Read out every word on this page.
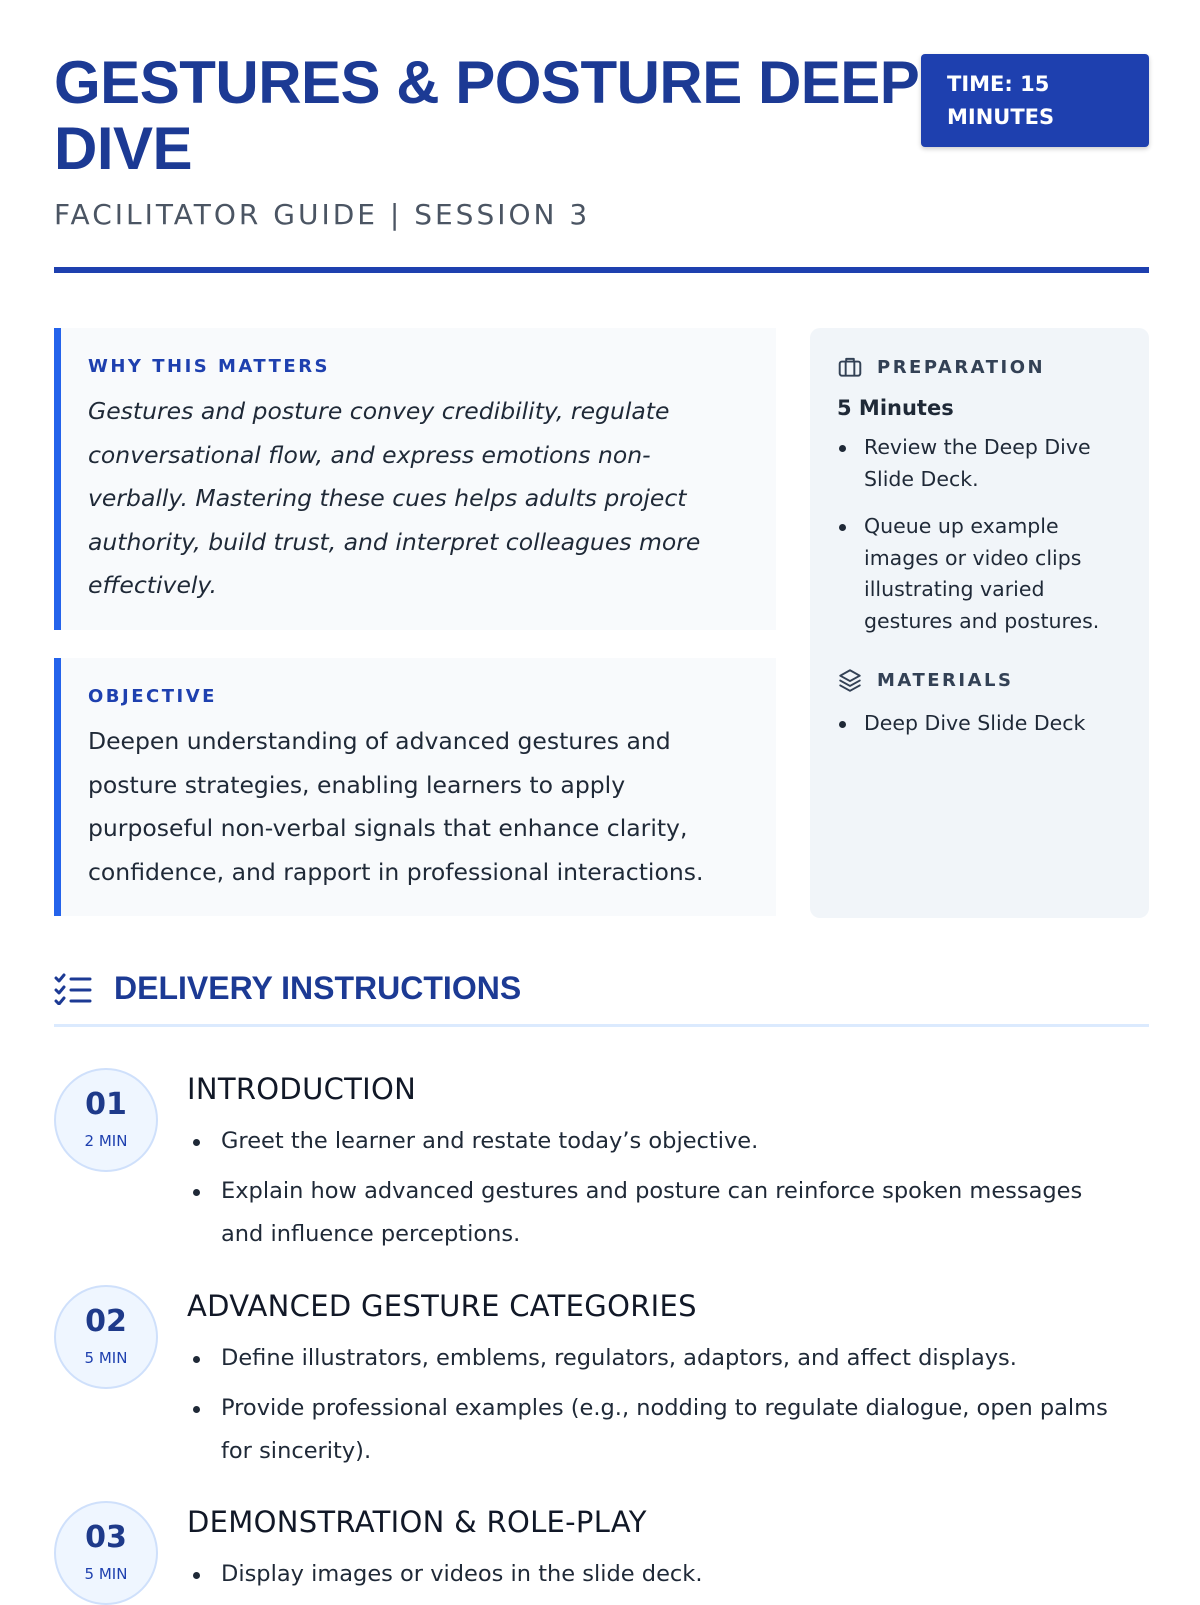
GESTURES & POSTURE DEEP DIVE
TIME: 15 MINUTES
FACILITATOR GUIDE | SESSION 3
WHY THIS MATTERS
Gestures and posture convey credibility, regulate conversational flow, and express emotions non-verbally. Mastering these cues helps adults project authority, build trust, and interpret colleagues more effectively.
OBJECTIVE
Deepen understanding of advanced gestures and posture strategies, enabling learners to apply purposeful non-verbal signals that enhance clarity, confidence, and rapport in professional interactions.
PREPARATION
5 Minutes
Review the Deep Dive Slide Deck.
Queue up example images or video clips illustrating varied gestures and postures.
MATERIALS
Deep Dive Slide Deck
DELIVERY INSTRUCTIONS
01
2 MIN
INTRODUCTION
Greet the learner and restate today’s objective.
Explain how advanced gestures and posture can reinforce spoken messages and influence perceptions.
02
5 MIN
ADVANCED GESTURE CATEGORIES
Define illustrators, emblems, regulators, adaptors, and affect displays.
Provide professional examples (e.g., nodding to regulate dialogue, open palms for sincerity).
03
5 MIN
DEMONSTRATION & ROLE-PLAY
Display images or videos in the slide deck.
